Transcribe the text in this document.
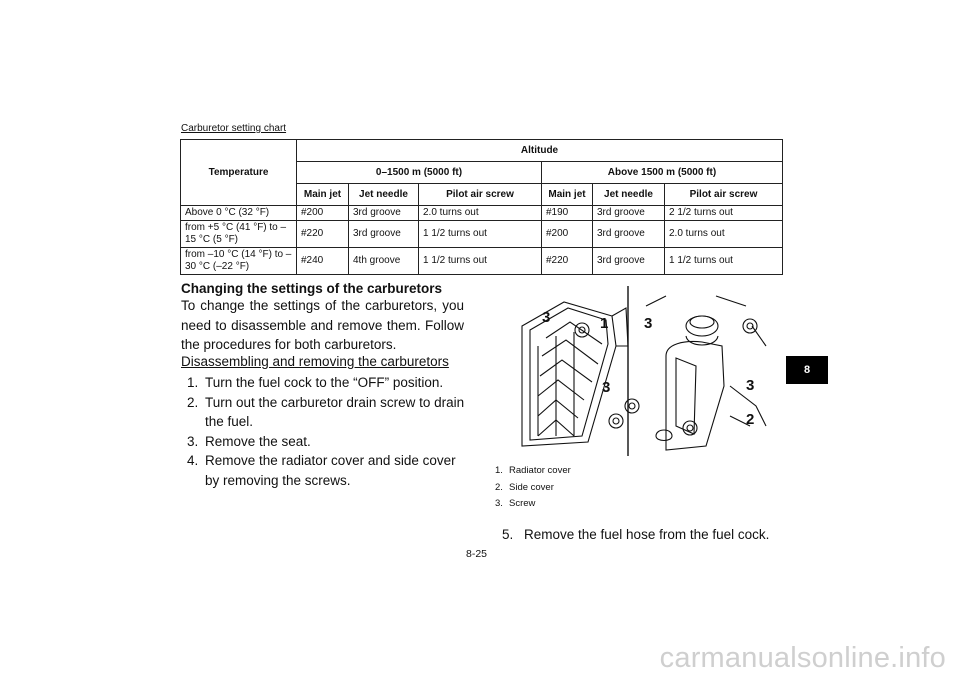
Carburetor setting chart
Temperature	Altitude					
	0–1500 m (5000 ft)			Above 1500 m (5000 ft)		
	Main jet	Jet needle	Pilot air screw	Main jet	Jet needle	Pilot air screw
Above 0 °C (32 °F)	#200	3rd groove	2.0 turns out	#190	3rd groove	2 1/2 turns out
from +5 °C (41 °F) to –15 °C (5 °F)	#220	3rd groove	1 1/2 turns out	#200	3rd groove	2.0 turns out
from –10 °C (14 °F) to –30 °C (–22 °F)	#240	4th groove	1 1/2 turns out	#220	3rd groove	1 1/2 turns out
Changing the settings of the carburetors

To change the settings of the carburetors, you need to disassemble and remove them. Follow the procedures for both carburetors.

Disassembling and removing the carburetors
1. Turn the fuel cock to the “OFF” position.
2. Turn out the carburetor drain screw to drain the fuel.
3. Remove the seat.
4. Remove the radiator cover and side cover by removing the screws.
3	1
3
3
3
2
1. Radiator cover
2. Side cover
3. Screw
5. Remove the fuel hose from the fuel cock.
8-25
8
carmanualsonline.info
